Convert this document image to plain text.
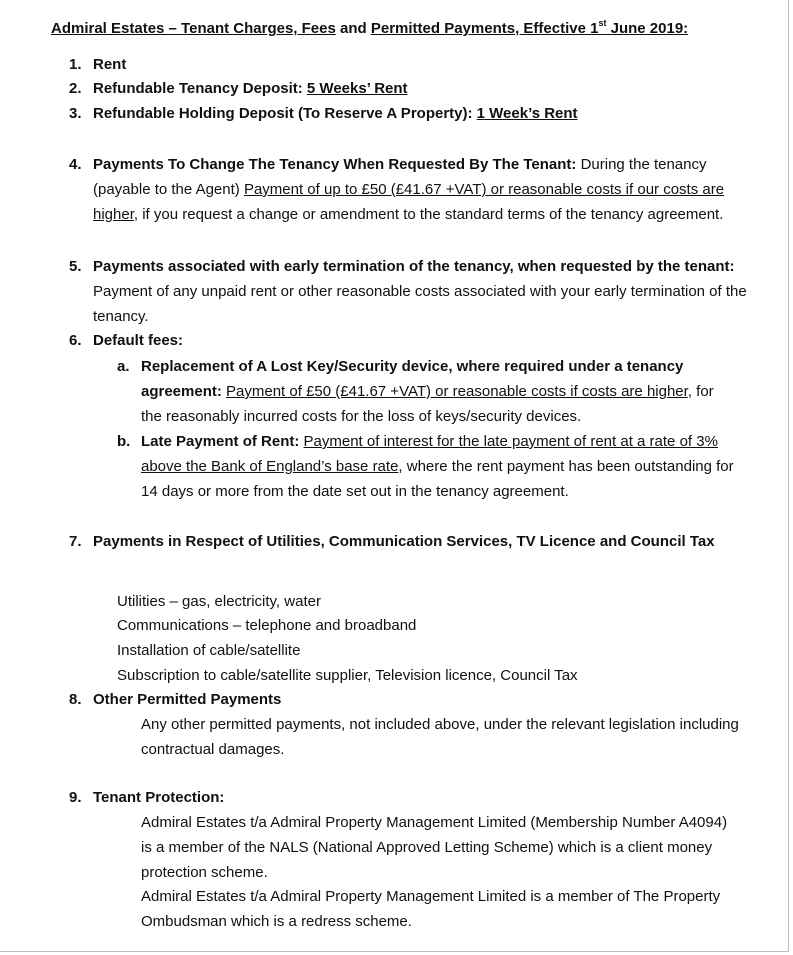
Admiral Estates – Tenant Charges, Fees and Permitted Payments, Effective 1st June 2019:
1. Rent
2. Refundable Tenancy Deposit: 5 Weeks’ Rent
3. Refundable Holding Deposit (To Reserve A Property): 1 Week’s Rent
4. Payments To Change The Tenancy When Requested By The Tenant: During the tenancy (payable to the Agent) Payment of up to £50 (£41.67 +VAT) or reasonable costs if our costs are higher, if you request a change or amendment to the standard terms of the tenancy agreement.
5. Payments associated with early termination of the tenancy, when requested by the tenant: Payment of any unpaid rent or other reasonable costs associated with your early termination of the tenancy.
6. Default fees:
a. Replacement of A Lost Key/Security device, where required under a tenancy agreement: Payment of £50 (£41.67 +VAT) or reasonable costs if costs are higher, for the reasonably incurred costs for the loss of keys/security devices.
b. Late Payment of Rent: Payment of interest for the late payment of rent at a rate of 3% above the Bank of England’s base rate, where the rent payment has been outstanding for 14 days or more from the date set out in the tenancy agreement.
7. Payments in Respect of Utilities, Communication Services, TV Licence and Council Tax
Utilities – gas, electricity, water
Communications – telephone and broadband
Installation of cable/satellite
Subscription to cable/satellite supplier, Television licence, Council Tax
8. Other Permitted Payments
Any other permitted payments, not included above, under the relevant legislation including contractual damages.
9. Tenant Protection:
Admiral Estates t/a Admiral Property Management Limited (Membership Number A4094) is a member of the NALS (National Approved Letting Scheme) which is a client money protection scheme.
Admiral Estates t/a Admiral Property Management Limited is a member of The Property Ombudsman which is a redress scheme.
